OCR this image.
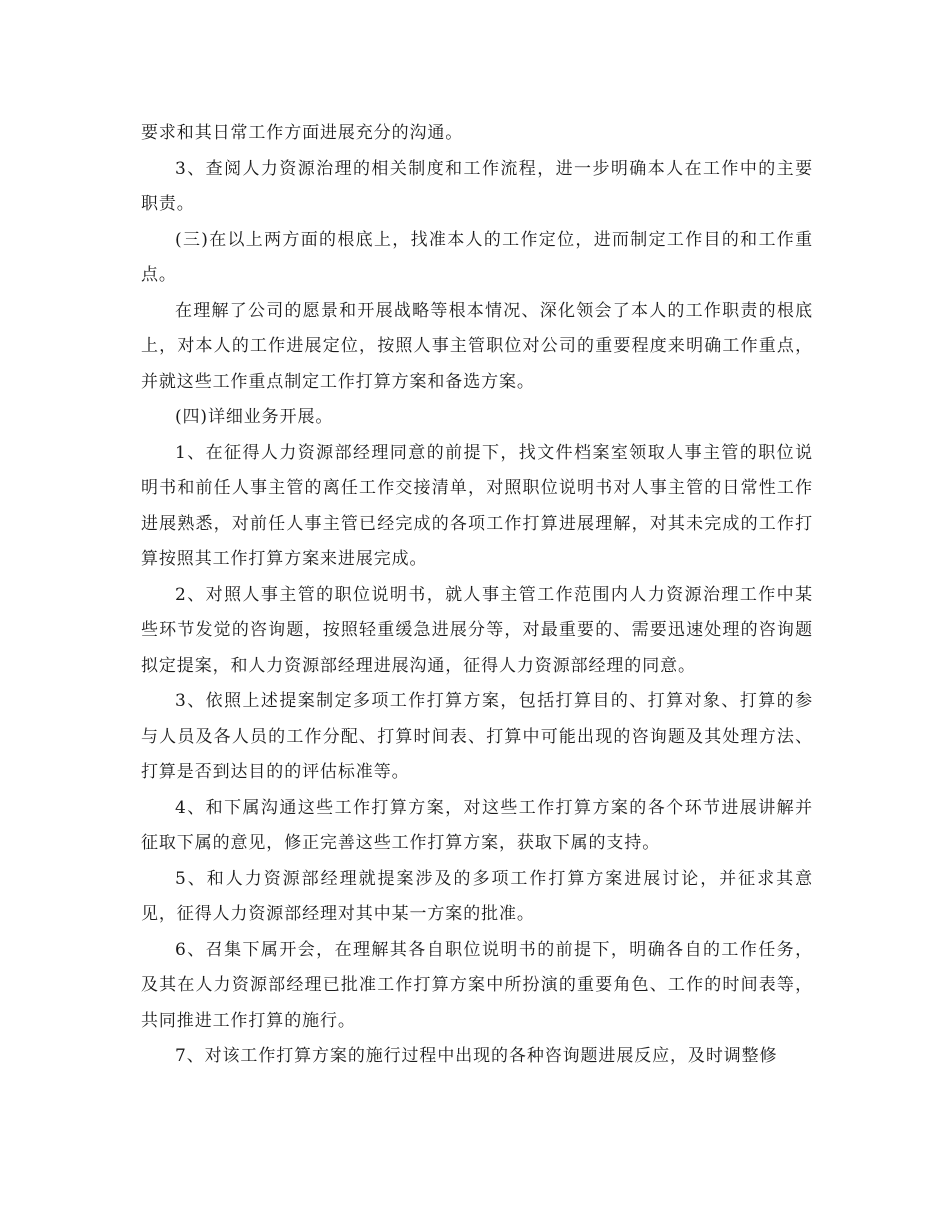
要求和其日常工作方面进展充分的沟通。

3、查阅人力资源治理的相关制度和工作流程，进一步明确本人在工作中的主要职责。

(三)在以上两方面的根底上，找准本人的工作定位，进而制定工作目的和工作重点。

在理解了公司的愿景和开展战略等根本情况、深化领会了本人的工作职责的根底上，对本人的工作进展定位，按照人事主管职位对公司的重要程度来明确工作重点，并就这些工作重点制定工作打算方案和备选方案。

(四)详细业务开展。

1、在征得人力资源部经理同意的前提下，找文件档案室领取人事主管的职位说明书和前任人事主管的离任工作交接清单，对照职位说明书对人事主管的日常性工作进展熟悉，对前任人事主管已经完成的各项工作打算进展理解，对其未完成的工作打算按照其工作打算方案来进展完成。

2、对照人事主管的职位说明书，就人事主管工作范围内人力资源治理工作中某些环节发觉的咨询题，按照轻重缓急进展分等，对最重要的、需要迅速处理的咨询题拟定提案，和人力资源部经理进展沟通，征得人力资源部经理的同意。

3、依照上述提案制定多项工作打算方案，包括打算目的、打算对象、打算的参与人员及各人员的工作分配、打算时间表、打算中可能出现的咨询题及其处理方法、打算是否到达目的的评估标准等。

4、和下属沟通这些工作打算方案，对这些工作打算方案的各个环节进展讲解并征取下属的意见，修正完善这些工作打算方案，获取下属的支持。

5、和人力资源部经理就提案涉及的多项工作打算方案进展讨论，并征求其意见，征得人力资源部经理对其中某一方案的批准。

6、召集下属开会，在理解其各自职位说明书的前提下，明确各自的工作任务，及其在人力资源部经理已批准工作打算方案中所扮演的重要角色、工作的时间表等，共同推进工作打算的施行。

7、对该工作打算方案的施行过程中出现的各种咨询题进展反应，及时调整修
